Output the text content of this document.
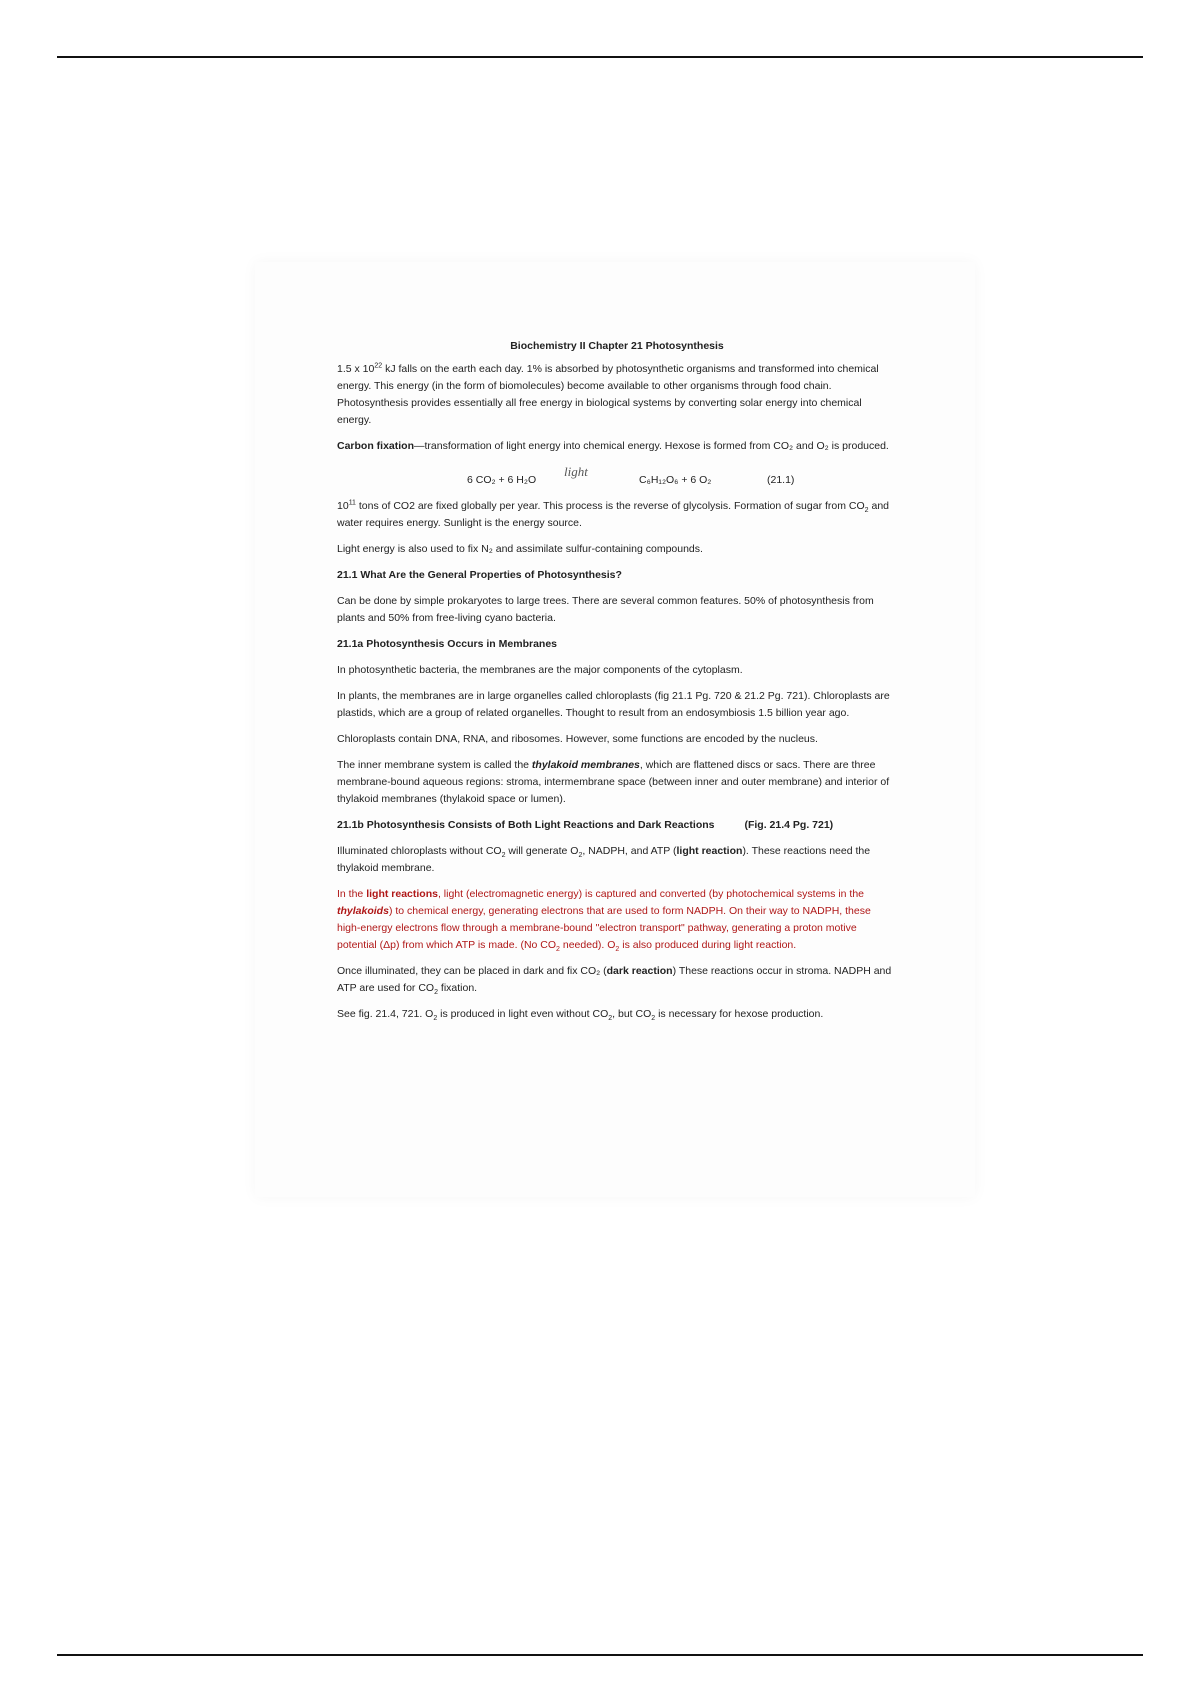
Biochemistry II Chapter 21 Photosynthesis

1.5 x $10^{22}$ kJ falls on the earth each day. 1% is absorbed by photosynthetic organisms and transformed into chemical energy. This energy (in the form of biomolecules) become available to other organisms through food chain. Photosynthesis provides essentially all free energy in biological systems by converting solar energy into chemical energy.

Carbon fixation—transformation of light energy into chemical energy. Hexose is formed from CO₂ and O₂ is produced.

6 CO₂ + 6 H₂O
light
C₆H₁₂O₆ + 6 O₂	(21.1)

$10^{11}$ tons of CO2 are fixed globally per year. This process is the reverse of glycolysis. Formation of sugar from $CO_2$ and water requires energy. Sunlight is the energy source.

Light energy is also used to fix N₂ and assimilate sulfur-containing compounds.

21.1 What Are the General Properties of Photosynthesis?

Can be done by simple prokaryotes to large trees. There are several common features. 50% of photosynthesis from plants and 50% from free-living cyano bacteria.

21.1a Photosynthesis Occurs in Membranes

In photosynthetic bacteria, the membranes are the major components of the cytoplasm.

In plants, the membranes are in large organelles called chloroplasts (fig 21.1 Pg. 720 & 21.2 Pg. 721). Chloroplasts are plastids, which are a group of related organelles. Thought to result from an endosymbiosis 1.5 billion year ago.

Chloroplasts contain DNA, RNA, and ribosomes. However, some functions are encoded by the nucleus.

The inner membrane system is called the thylakoid membranes, which are flattened discs or sacs. There are three membrane-bound aqueous regions: stroma, intermembrane space (between inner and outer membrane) and interior of thylakoid membranes (thylakoid space or lumen).

21.1b Photosynthesis Consists of Both Light Reactions and Dark Reactions	(Fig. 21.4 Pg. 721)

Illuminated chloroplasts without $CO_2$ will generate $O_2$, NADPH, and ATP (light reaction). These reactions need the thylakoid membrane.

In the light reactions, light (electromagnetic energy) is captured and converted (by photochemical systems in the thylakoids) to chemical energy, generating electrons that are used to form NADPH. On their way to NADPH, these high-energy electrons flow through a membrane-bound "electron transport" pathway, generating a proton motive potential (Δp) from which ATP is made. (No $CO_2$ needed). $O_2$ is also produced during light reaction.

Once illuminated, they can be placed in dark and fix CO₂ (dark reaction) These reactions occur in stroma. NADPH and ATP are used for $CO_2$ fixation.

See fig. 21.4, 721. $O_2$ is produced in light even without $CO_2$, but $CO_2$ is necessary for hexose production.
